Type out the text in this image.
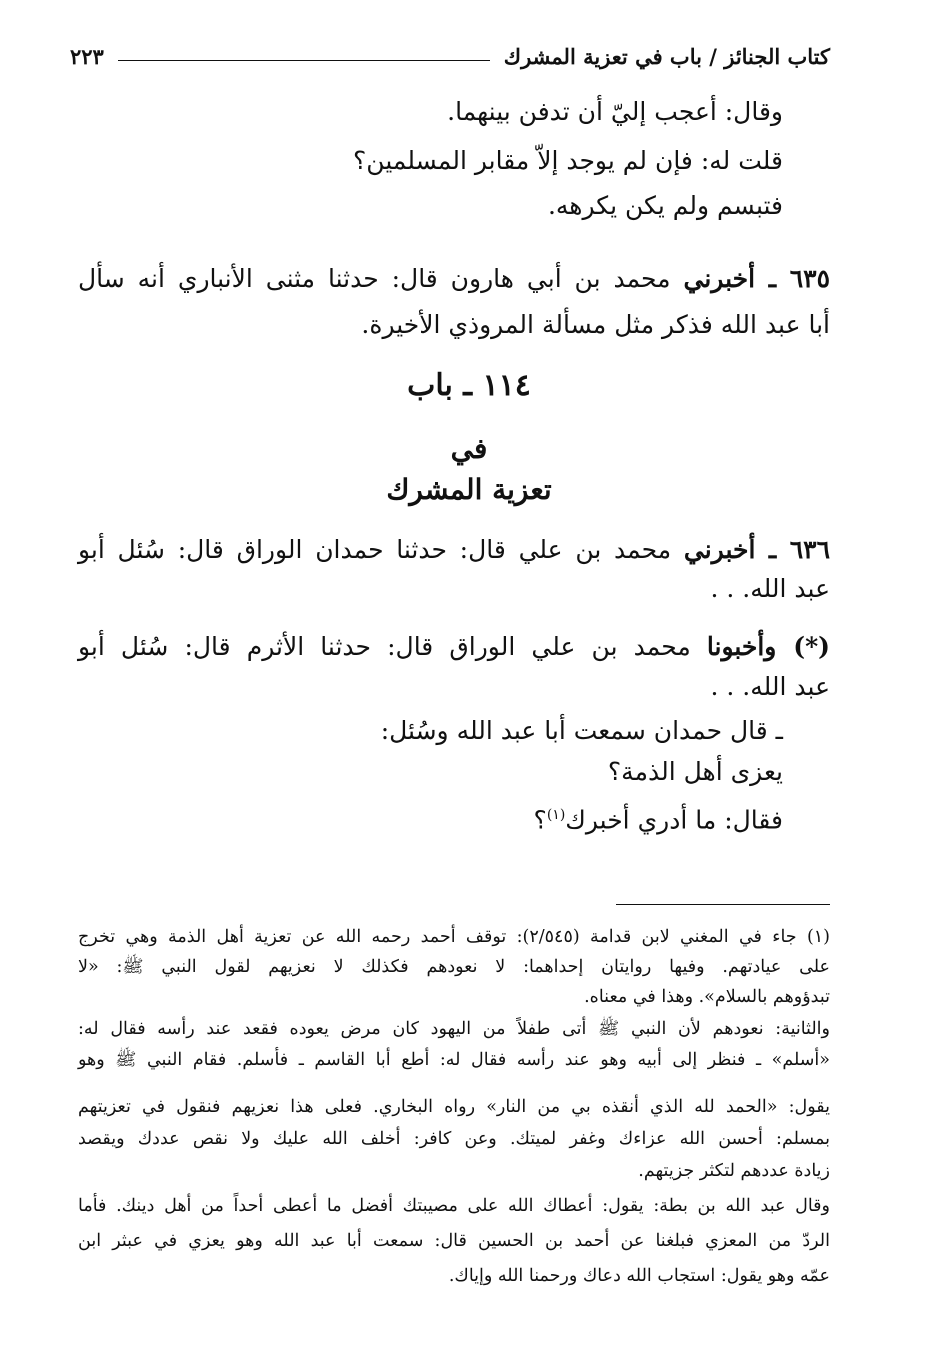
كتاب الجنائز / باب في تعزية المشرك
٢٢٣
وقال: أعجب إليّ أن تدفن بينهما.
قلت له: فإن لم يوجد إلاّ مقابر المسلمين؟
فتبسم ولم يكن يكرهه.
٦٣٥ ـ أخبرني محمد بن أبي هارون قال: حدثنا مثنى الأنباري أنه سأل
أبا عبد الله فذكر مثل مسألة المروذي الأخيرة.
١١٤ ـ باب
في
تعزية المشرك
٦٣٦ ـ أخبرني محمد بن علي قال: حدثنا حمدان الوراق قال: سُئل أبو
عبد الله. . .
(*) وأخبونا محمد بن علي الوراق قال: حدثنا الأثرم قال: سُئل أبو
عبد الله. . .
ـ قال حمدان سمعت أبا عبد الله وسُئل:
يعزى أهل الذمة؟
فقال: ما أدري أخبرك$^{(١)}$؟
(١) جاء في المغني لابن قدامة (٢/٥٤٥): توقف أحمد رحمه الله عن تعزية أهل الذمة وهي تخرج
على عيادتهم. وفيها روايتان إحداهما: لا نعودهم فكذلك لا نعزيهم لقول النبي ﷺ: «لا
تبدؤوهم بالسلام». وهذا في معناه.
والثانية: نعودهم لأن النبي ﷺ أتى طفلاً من اليهود كان مرض يعوده فقعد عند رأسه فقال له:
«أسلم» ـ فنظر إلى أبيه وهو عند رأسه فقال له: أطع أبا القاسم ـ فأسلم. فقام النبي ﷺ وهو
يقول: «الحمد لله الذي أنقذه بي من النار» رواه البخاري. فعلى هذا نعزيهم فنقول في تعزيتهم
بمسلم: أحسن الله عزاءك وغفر لميتك. وعن كافر: أخلف الله عليك ولا نقص عددك ويقصد
زيادة عددهم لتكثر جزيتهم.
وقال عبد الله بن بطة: يقول: أعطاك الله على مصيبتك أفضل ما أعطى أحداً من أهل دينك. فأما
الردّ من المعزي فبلغنا عن أحمد بن الحسين قال: سمعت أبا عبد الله وهو يعزي في عبثر ابن
عمّه وهو يقول: استجاب الله دعاك ورحمنا الله وإياك.
